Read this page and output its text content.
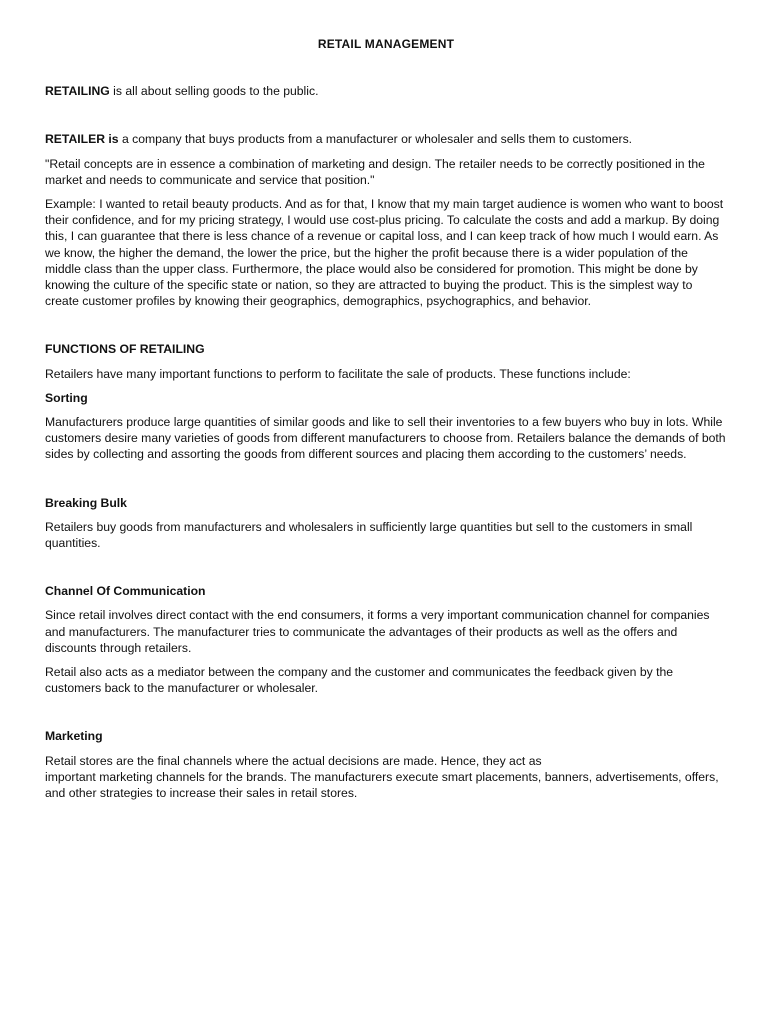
RETAIL MANAGEMENT

RETAILING is all about selling goods to the public.

RETAILER is a company that buys products from a manufacturer or wholesaler and sells them to customers.

"Retail concepts are in essence a combination of marketing and design. The retailer needs to be correctly positioned in the market and needs to communicate and service that position."

Example: I wanted to retail beauty products. And as for that, I know that my main target audience is women who want to boost their confidence, and for my pricing strategy, I would use cost-plus pricing. To calculate the costs and add a markup. By doing this, I can guarantee that there is less chance of a revenue or capital loss, and I can keep track of how much I would earn. As we know, the higher the demand, the lower the price, but the higher the profit because there is a wider population of the middle class than the upper class. Furthermore, the place would also be considered for promotion. This might be done by knowing the culture of the specific state or nation, so they are attracted to buying the product. This is the simplest way to create customer profiles by knowing their geographics, demographics, psychographics, and behavior.

FUNCTIONS OF RETAILING

Retailers have many important functions to perform to facilitate the sale of products. These functions include:

Sorting

Manufacturers produce large quantities of similar goods and like to sell their inventories to a few buyers who buy in lots. While customers desire many varieties of goods from different manufacturers to choose from. Retailers balance the demands of both sides by collecting and assorting the goods from different sources and placing them according to the customers’ needs.

Breaking Bulk

Retailers buy goods from manufacturers and wholesalers in sufficiently large quantities but sell to the customers in small quantities.

Channel Of Communication

Since retail involves direct contact with the end consumers, it forms a very important communication channel for companies and manufacturers. The manufacturer tries to communicate the advantages of their products as well as the offers and discounts through retailers.

Retail also acts as a mediator between the company and the customer and communicates the feedback given by the customers back to the manufacturer or wholesaler.

Marketing

Retail stores are the final channels where the actual decisions are made. Hence, they act as
important marketing channels for the brands. The manufacturers execute smart placements, banners, advertisements, offers, and other strategies to increase their sales in retail stores.
